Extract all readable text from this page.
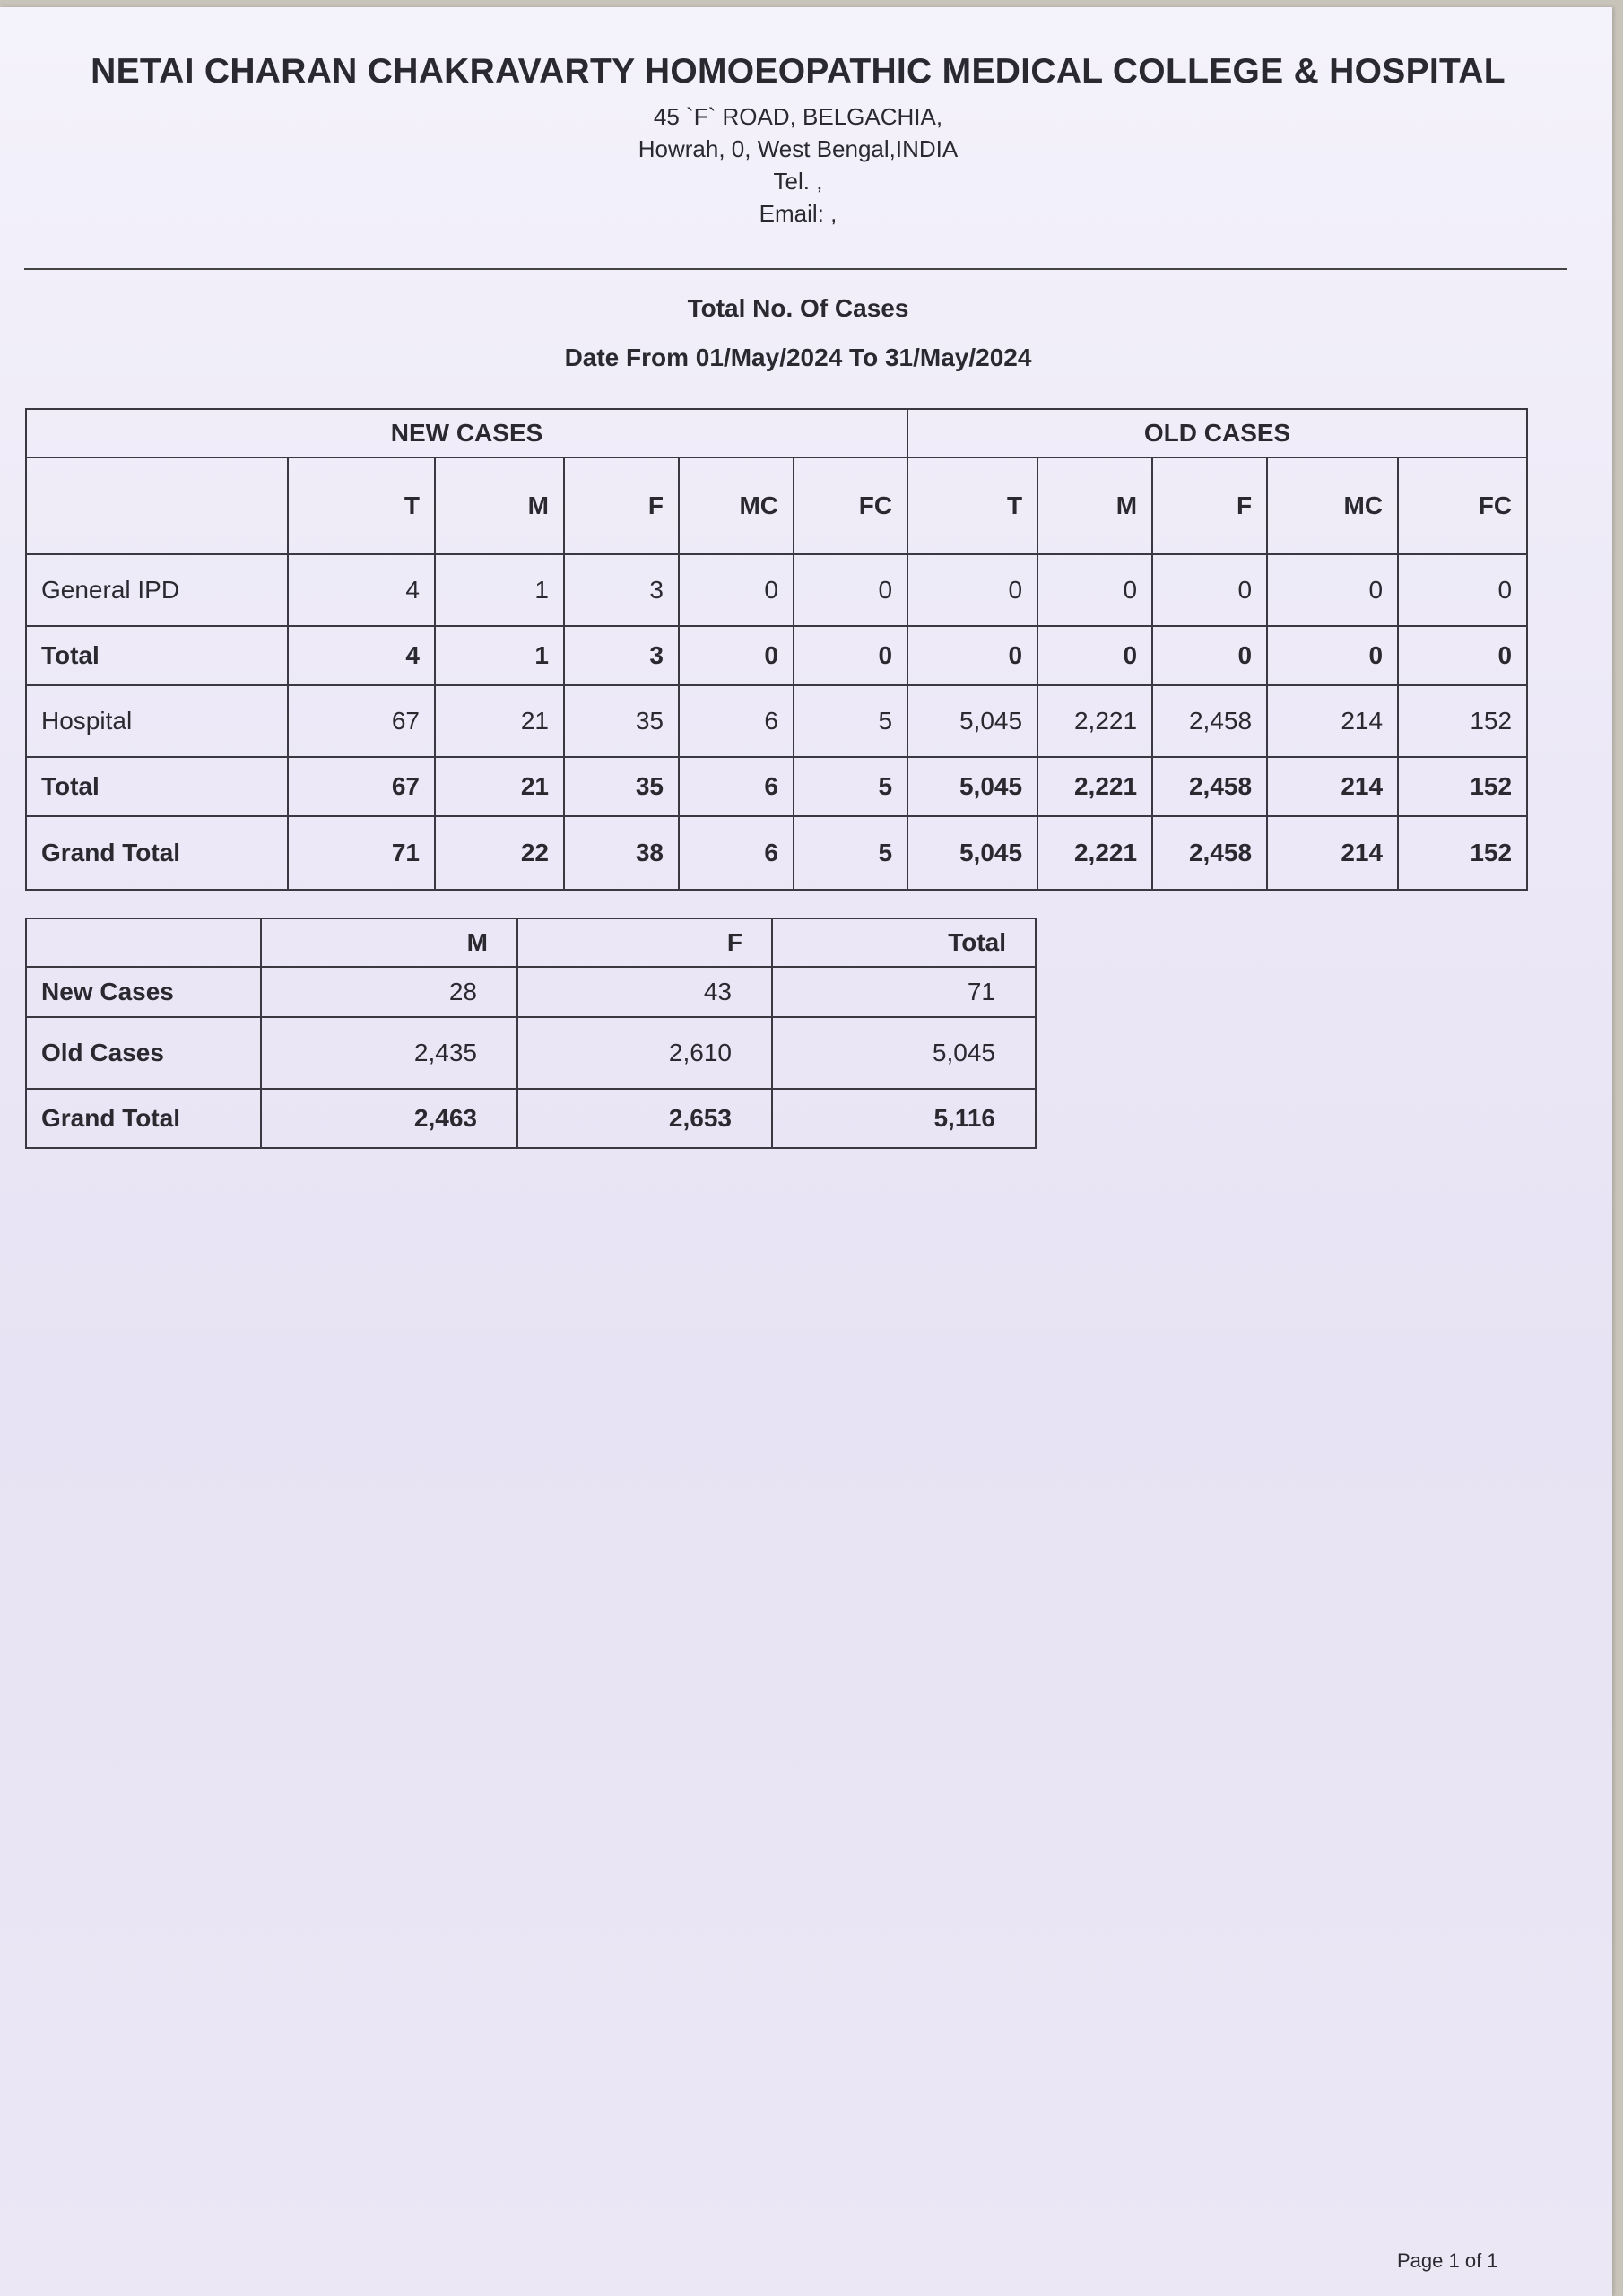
NETAI CHARAN CHAKRAVARTY HOMOEOPATHIC MEDICAL COLLEGE & HOSPITAL
45 `F` ROAD, BELGACHIA,
Howrah, 0, West Bengal,INDIA
Tel. ,
Email: ,
Total No. Of Cases
Date From 01/May/2024 To 31/May/2024
NEW CASES						OLD CASES				
	T	M	F	MC	FC	T	M	F	MC	FC
General IPD	4	1	3	0	0	0	0	0	0	0
Total	4	1	3	0	0	0	0	0	0	0
Hospital	67	21	35	6	5	5,045	2,221	2,458	214	152
Total	67	21	35	6	5	5,045	2,221	2,458	214	152
Grand Total	71	22	38	6	5	5,045	2,221	2,458	214	152
	M	F	Total
New Cases	28	43	71
Old Cases	2,435	2,610	5,045
Grand Total	2,463	2,653	5,116
Page 1 of 1
